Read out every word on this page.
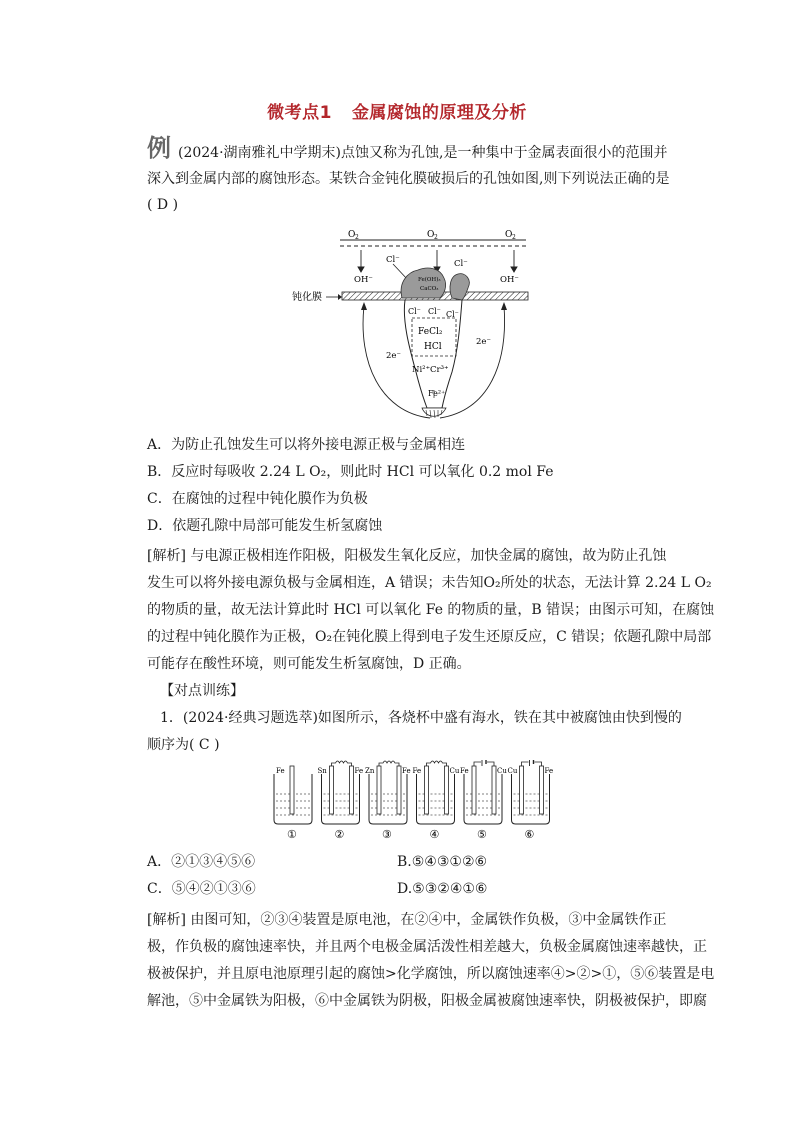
微考点1 金属腐蚀的原理及分析
例 (2024·湖南雅礼中学期末)点蚀又称为孔蚀,是一种集中于金属表面很小的范围并
深入到金属内部的腐蚀形态。某铁合金钝化膜破损后的孔蚀如图,则下列说法正确的是
( D )
O 2	O 2	O 2
OH⁻	OH⁻
Cl⁻	Cl⁻
钝化膜
Fe(OH)₃
CaCO₃
Cl⁻ Cl⁻ Cl⁻
FeCl₂
HCl
Ni²⁺Cr³⁺
Fe²⁺
2e⁻
2e⁻
A．为防止孔蚀发生可以将外接电源正极与金属相连
B．反应时每吸收 2.24 L O₂，则此时 HCl 可以氧化 0.2 mol Fe
C．在腐蚀的过程中钝化膜作为负极
D．依题孔隙中局部可能发生析氢腐蚀
[解析] 与电源正极相连作阳极，阳极发生氧化反应，加快金属的腐蚀，故为防止孔蚀
发生可以将外接电源负极与金属相连，A 错误；未告知O₂所处的状态，无法计算 2.24 L O₂
的物质的量，故无法计算此时 HCl 可以氧化 Fe 的物质的量，B 错误；由图示可知，在腐蚀
的过程中钝化膜作为正极，O₂在钝化膜上得到电子发生还原反应，C 错误；依题孔隙中局部
可能存在酸性环境，则可能发生析氢腐蚀，D 正确。
【对点训练】
1．(2024·经典习题选萃)如图所示，各烧杯中盛有海水，铁在其中被腐蚀由快到慢的
顺序为( C )
Fe
①
Sn	Fe
②
Zn	Fe
③
Fe	Cu
④
Fe	Cu
⑤
Cu	Fe
⑥
A．②①③④⑤⑥	B.⑤④③①②⑥
C．⑤④②①③⑥	D.⑤③②④①⑥
[解析] 由图可知，②③④装置是原电池，在②④中，金属铁作负极，③中金属铁作正
极，作负极的腐蚀速率快，并且两个电极金属活泼性相差越大，负极金属腐蚀速率越快，正
极被保护，并且原电池原理引起的腐蚀>化学腐蚀，所以腐蚀速率④>②>①，⑤⑥装置是电
解池，⑤中金属铁为阳极，⑥中金属铁为阴极，阳极金属被腐蚀速率快，阴极被保护，即腐
